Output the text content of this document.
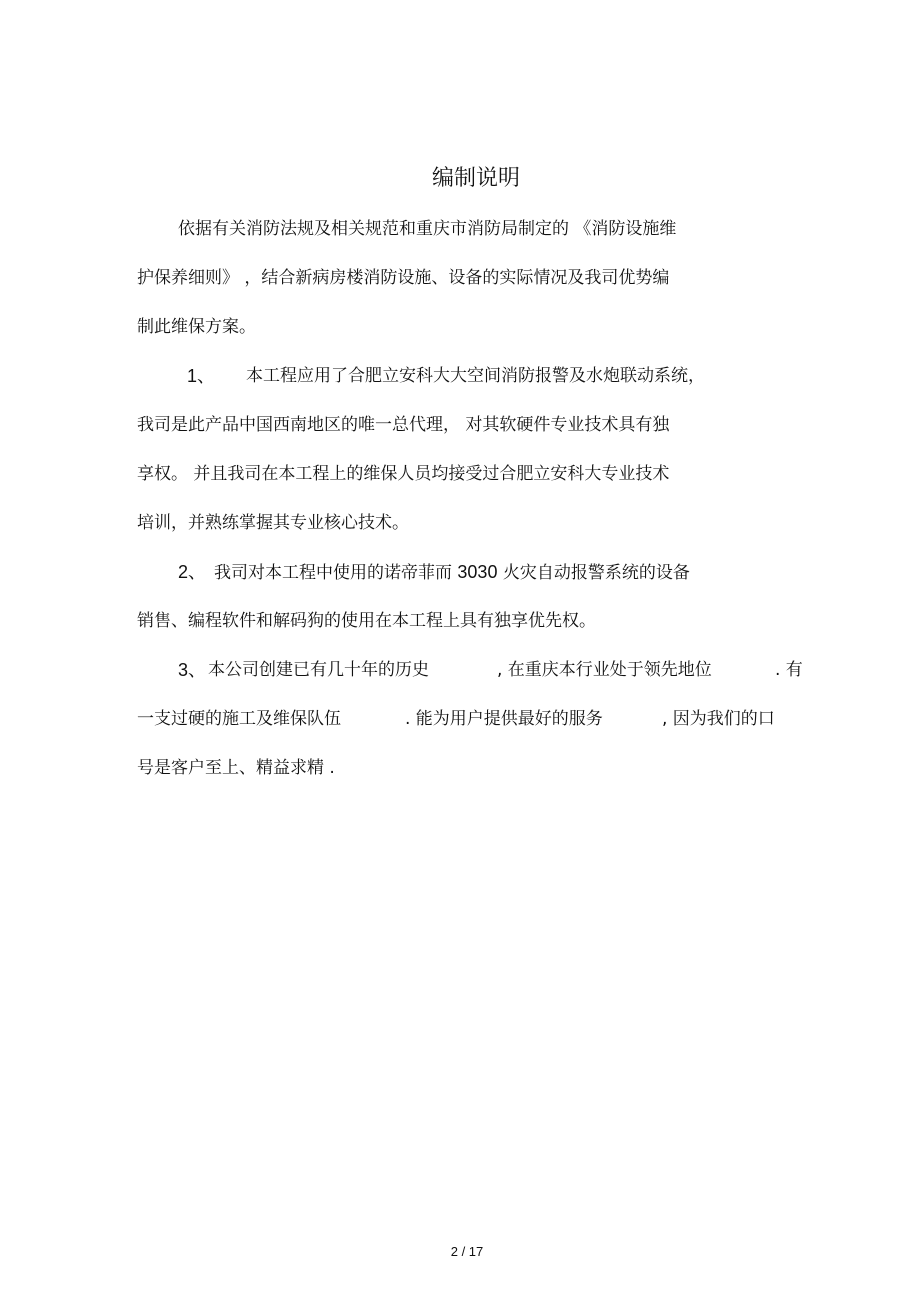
编制说明
依据有关消防法规及相关规范和重庆市消防局制定的 《消防设施维
护保养细则》 ，结合新病房楼消防设施、设备的实际情况及我司优势编
制此维保方案。
1、 本工程应用了合肥立安科大大空间消防报警及水炮联动系统，
我司是此产品中国西南地区的唯一总代理， 对其软硬件专业技术具有独
享权。 并且我司在本工程上的维保人员均接受过合肥立安科大专业技术
培训，并熟练掌握其专业核心技术。
2、 我司对本工程中使用的诺帝菲而 3030 火灾自动报警系统的设备
销售、编程软件和解码狗的使用在本工程上具有独享优先权。
3、 本公司创建已有几十年的历史	, 在重庆本行业处于领先地位	. 有
一支过硬的施工及维保队伍	. 能为用户提供最好的服务	, 因为我们的口
号是客户至上、精益求精 .
2 / 17
